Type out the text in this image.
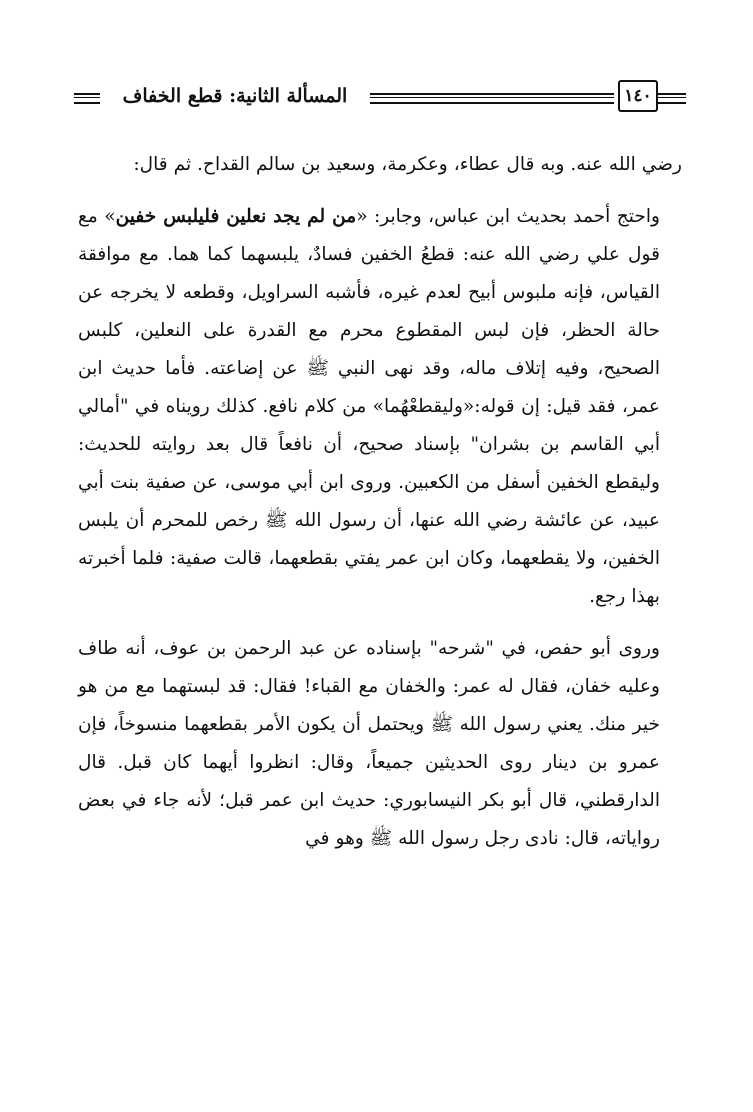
المسألة الثانية: قطع الخفاف	١٤٠

رضي الله عنه. وبه قال عطاء، وعكرمة، وسعيد بن سالم القداح. ثم قال:

واحتج أحمد بحديث ابن عباس، وجابر: «من لم يجد نعلين فليلبس خفين» مع قول علي رضي الله عنه: قطعُ الخفين فسادٌ، يلبسهما كما هما. مع موافقة القياس، فإنه ملبوس أبيح لعدم غيره، فأشبه السراويل، وقطعه لا يخرجه عن حالة الحظر، فإن لبس المقطوع محرم مع القدرة على النعلين، كلبس الصحيح، وفيه إتلاف ماله، وقد نهى النبي ﷺ عن إضاعته. فأما حديث ابن عمر، فقد قيل: إن قوله:«وليقطعْهُما» من كلام نافع. كذلك رويناه في "أمالي أبي القاسم بن بشران" بإسناد صحيح، أن نافعاً قال بعد روايته للحديث: وليقطع الخفين أسفل من الكعبين. وروى ابن أبي موسى، عن صفية بنت أبي عبيد، عن عائشة رضي الله عنها، أن رسول الله ﷺ رخص للمحرم أن يلبس الخفين، ولا يقطعهما، وكان ابن عمر يفتي بقطعهما، قالت صفية: فلما أخبرته بهذا رجع.

وروى أبو حفص، في "شرحه" بإسناده عن عبد الرحمن بن عوف، أنه طاف وعليه خفان، فقال له عمر: والخفان مع القباء! فقال: قد لبستهما مع من هو خير منك. يعني رسول الله ﷺ ويحتمل أن يكون الأمر بقطعهما منسوخاً، فإن عمرو بن دينار روى الحديثين جميعاً، وقال: انظروا أيهما كان قبل. قال الدارقطني، قال أبو بكر النيسابوري: حديث ابن عمر قبل؛ لأنه جاء في بعض رواياته، قال: نادى رجل رسول الله ﷺ وهو في
